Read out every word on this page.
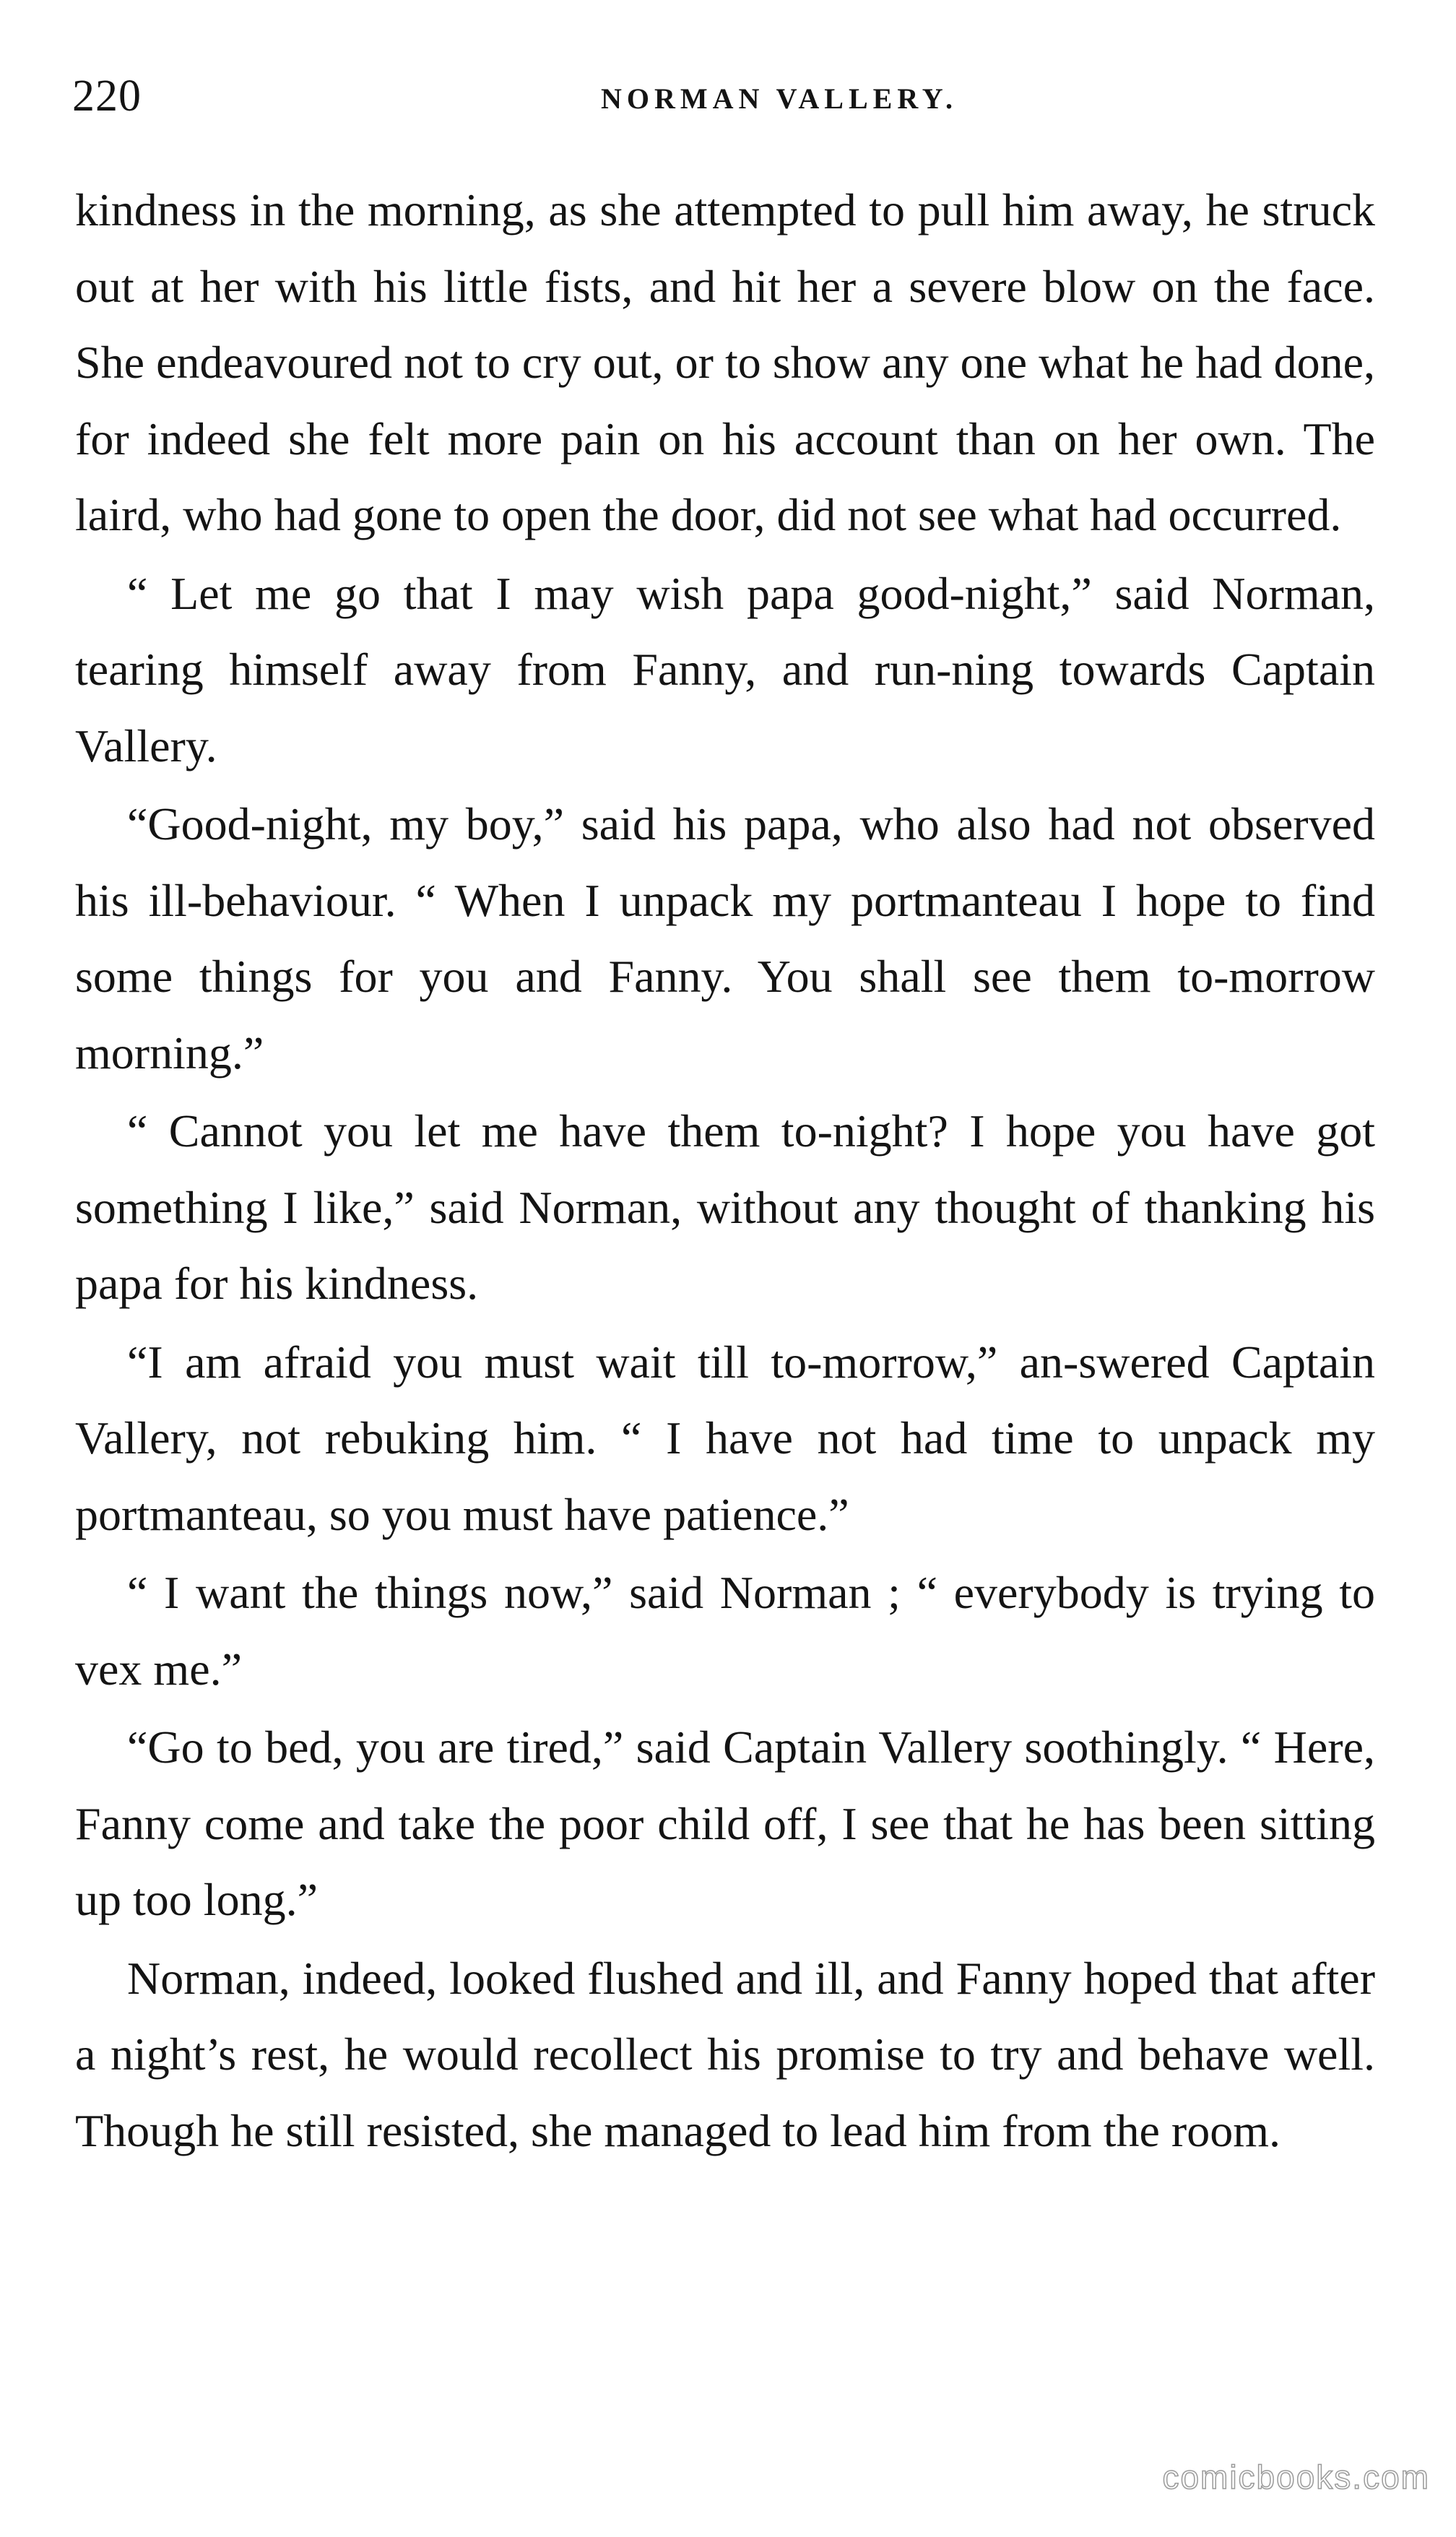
220	NORMAN VALLERY.

kindness in the morning, as she attempted to pull him away, he struck out at her with his little fists, and hit her a severe blow on the face. She endeavoured not to cry out, or to show any one what he had done, for indeed she felt more pain on his account than on her own. The laird, who had gone to open the door, did not see what had occurred.

“ Let me go that I may wish papa good-night,” said Norman, tearing himself away from Fanny, and run-ning towards Captain Vallery.

“Good-night, my boy,” said his papa, who also had not observed his ill-behaviour. “ When I unpack my portmanteau I hope to find some things for you and Fanny. You shall see them to-morrow morning.”

“ Cannot you let me have them to-night? I hope you have got something I like,” said Norman, without any thought of thanking his papa for his kindness.

“I am afraid you must wait till to-morrow,” an-swered Captain Vallery, not rebuking him. “ I have not had time to unpack my portmanteau, so you must have patience.”

“ I want the things now,” said Norman ; “ everybody is trying to vex me.”

“Go to bed, you are tired,” said Captain Vallery soothingly. “ Here, Fanny come and take the poor child off, I see that he has been sitting up too long.”

Norman, indeed, looked flushed and ill, and Fanny hoped that after a night’s rest, he would recollect his promise to try and behave well. Though he still resisted, she managed to lead him from the room.

comicbooks.com
